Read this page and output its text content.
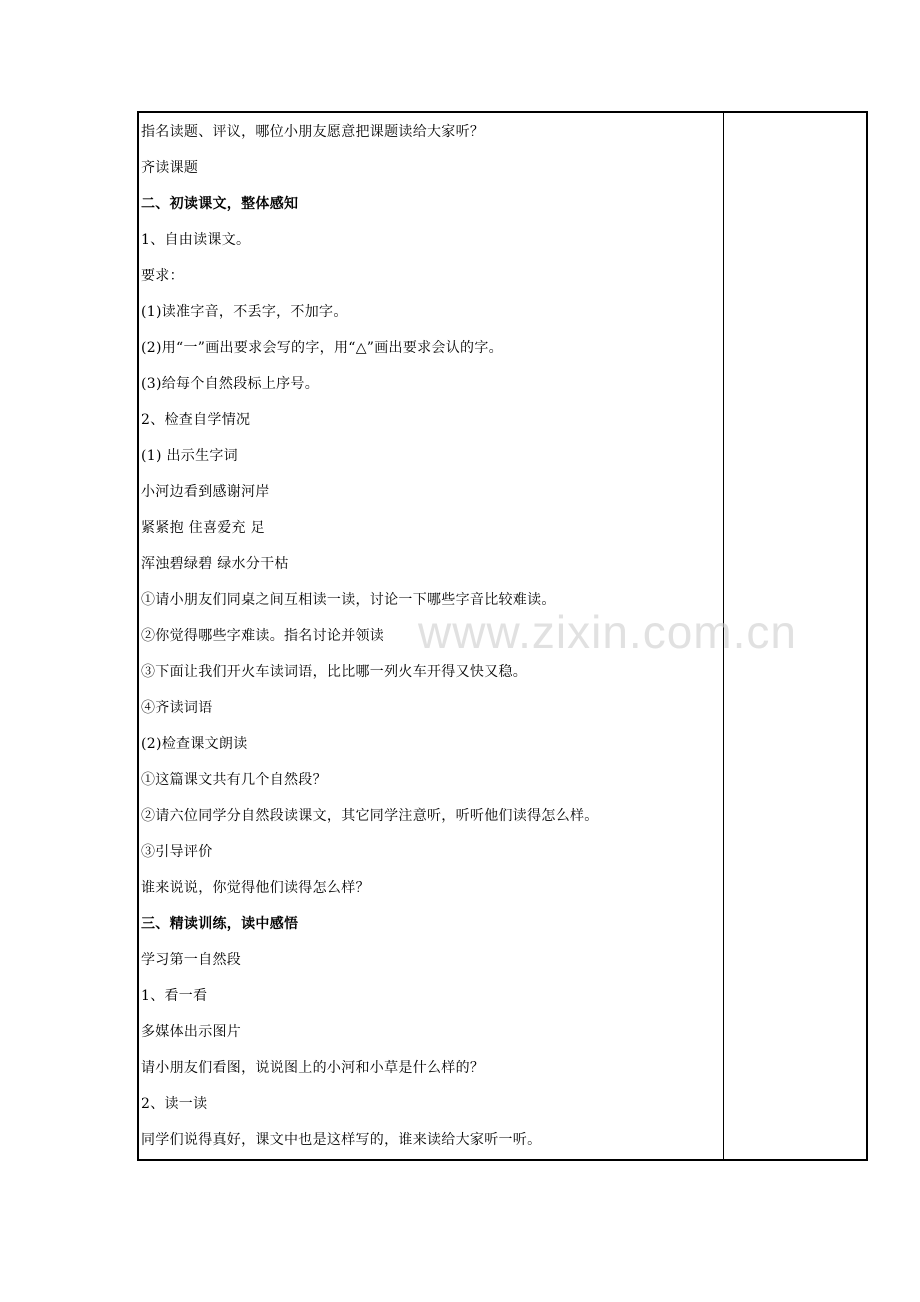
指名读题、评议，哪位小朋友愿意把课题读给大家听？
齐读课题
二、初读课文，整体感知
1、自由读课文。
要求：
(1)读准字音，不丢字，不加字。
(2)用“一”画出要求会写的字，用“△”画出要求会认的字。
(3)给每个自然段标上序号。
2、检查自学情况
(1) 出示生字词
小河边看到感谢河岸
紧紧抱 住喜爱充 足
浑浊碧绿碧 绿水分干枯
①请小朋友们同桌之间互相读一读，讨论一下哪些字音比较难读。
②你觉得哪些字难读。指名讨论并领读
③下面让我们开火车读词语，比比哪一列火车开得又快又稳。
④齐读词语
(2)检查课文朗读
①这篇课文共有几个自然段？
②请六位同学分自然段读课文，其它同学注意听，听听他们读得怎么样。
③引导评价
谁来说说，你觉得他们读得怎么样？
三、精读训练，读中感悟
学习第一自然段
1、看一看
多媒体出示图片
请小朋友们看图，说说图上的小河和小草是什么样的？
2、读一读
同学们说得真好，课文中也是这样写的，谁来读给大家听一听。
www.zixin.com.cn
